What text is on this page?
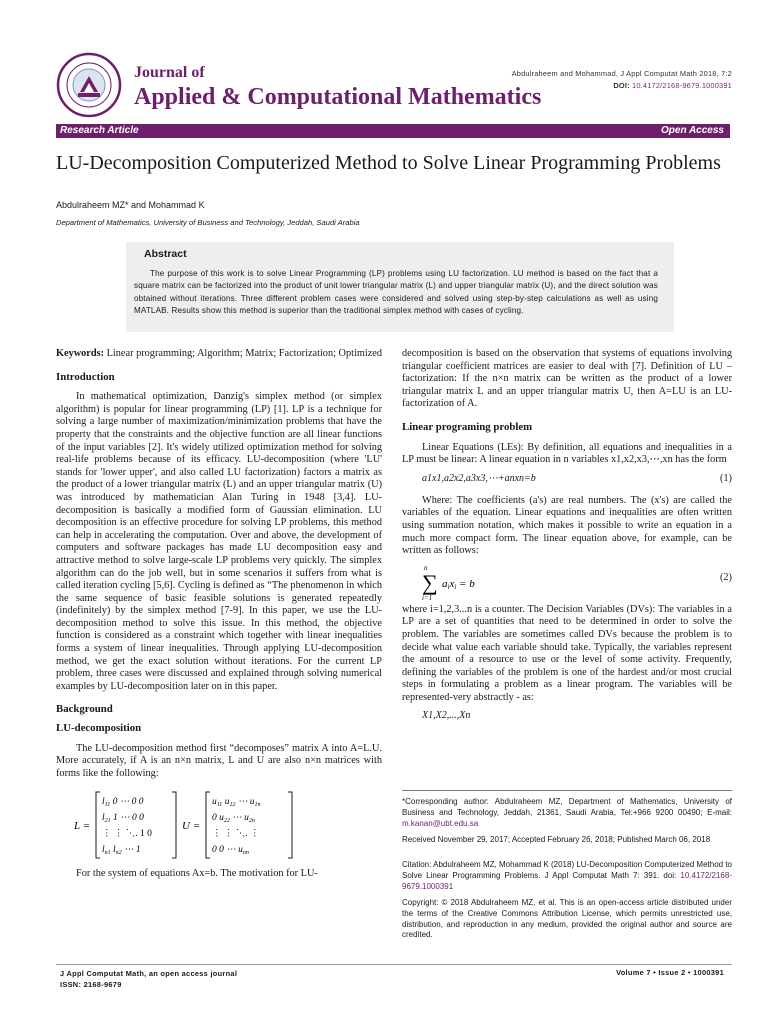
Journal of
Applied & Computational Mathematics
Abdulraheem and Mohammad, J Appl Computat Math 2018, 7:2
DOI: 10.4172/2168-9679.1000391
Research Article	Open Access
LU-Decomposition Computerized Method to Solve Linear Programming Problems
Abdulraheem MZ* and Mohammad K
Department of Mathematics, University of Business and Technology, Jeddah, Saudi Arabia
Abstract
The purpose of this work is to solve Linear Programming (LP) problems using LU factorization. LU method is based on the fact that a square matrix can be factorized into the product of unit lower triangular matrix (L) and upper triangular matrix (U), and the direct solution was obtained without iterations. Three different problem cases were considered and solved using step-by-step calculations as well as using MATLAB. Results show this method is superior than the traditional simplex method with cases of cycling.

Keywords: Linear programming; Algorithm; Matrix; Factorization; Optimized

Introduction

In mathematical optimization, Danzig's simplex method (or simplex algorithm) is popular for linear programming (LP) [1]. LP is a technique for solving a large number of maximization/minimization problems that have the property that the constraints and the objective function are all linear functions of the input variables [2]. It's widely utilized optimization method for solving real-life problems because of its efficacy. LU-decomposition (where 'LU' stands for 'lower upper', and also called LU factorization) factors a matrix as the product of a lower triangular matrix (L) and an upper triangular matrix (U) was introduced by mathematician Alan Turing in 1948 [3,4]. LU-decomposition is basically a modified form of Gaussian elimination. LU decomposition is an effective procedure for solving LP problems, this method can help in accelerating the computation. Over and above, the development of computers and software packages has made LU decomposition easy and attractive method to solve large-scale LP problems very quickly. The simplex algorithm can do the job well, but in some scenarios it suffers from what is called iteration cycling [5,6]. Cycling is defined as “The phenomenon in which the same sequence of basic feasible solutions is generated repeatedly (indefinitely) by the simplex method [7-9]. In this paper, we use the LU- decomposition method to solve this issue. In this method, the objective function is considered as a constraint which together with linear inequalities forms a system of linear inequalities. Through applying LU-decomposition method, we get the exact solution without iterations. For the current LP problem, three cases were discussed and explained through solving numerical examples by LU-decomposition later on in this paper.

Background

LU-decomposition

The LU-decomposition method first “decomposes” matrix A into A=L.U. More accurately, if A is an n×n matrix, L and U are also n×n matrices with forms like the following:

L =
$l_{11}$ 0 ⋯ 0 0
$l_{21}$ 1 ⋯ 0 0
⋮ ⋮ ⋱. 1 0
$l_{n1}$ $l_{n2}$ ⋯ 1
U =
$u_{11}$ $u_{12}$ ⋯ $u_{1n}$
0 $u_{22}$ ⋯ $u_{2n}$
⋮ ⋮ ⋱. ⋮
0 0 ⋯ $u_{nn}$

For the system of equations Ax=b. The motivation for LU-

decomposition is based on the observation that systems of equations involving triangular coefficient matrices are easier to deal with [7]. Definition of LU – factorization: If the n×n matrix can be written as the product of a lower triangular matrix L and an upper triangular matrix U, then A=LU is an LU-factorization of A.

Linear programing problem

Linear Equations (LEs): By definition, all equations and inequalities in a LP must be linear: A linear equation in n variables x1,x2,x3,⋯,xn has the form

a1x1,a2x2,a3x3,⋯+anxn=b	(1)

Where: The coefficients (a's) are real numbers. The (x's) are called the variables of the equation. Linear equations and inequalities are often written using summation notation, which makes it possible to write an equation in a much more compact form. The linear equation above, for example, can be written as follows:

n
∑
i=1
aixi = b
(2)

where i=1,2,3...n is a counter. The Decision Variables (DVs): The variables in a LP are a set of quantities that need to be determined in order to solve the problem. The variables are sometimes called DVs because the problem is to decide what value each variable should take. Typically, the variables represent the amount of a resource to use or the level of some activity. Frequently, defining the variables of the problem is one of the hardest and/or most crucial steps in formulating a problem as a linear program. The variables will be represented-very abstractly - as:

X1,X2,...,Xn
*Corresponding author: Abdulraheem MZ, Department of Mathematics, University of Business and Technology, Jeddah, 21361, Saudi Arabia, Tel:+966 9200 00490; E-mail: m.kanan@ubt.edu.sa
Received November 29, 2017; Accepted February 26, 2018; Published March 06, 2018
Citation: Abdulraheem MZ, Mohammad K (2018) LU-Decomposition Computerized Method to Solve Linear Programming Problems. J Appl Computat Math 7: 391. doi: 10.4172/2168-9679.1000391
Copyright: © 2018 Abdulraheem MZ, et al. This is an open-access article distributed under the terms of the Creative Commons Attribution License, which permits unrestricted use, distribution, and reproduction in any medium, provided the original author and source are credited.
J Appl Computat Math, an open access journal
ISSN: 2168-9679
Volume 7 • Issue 2 • 1000391
